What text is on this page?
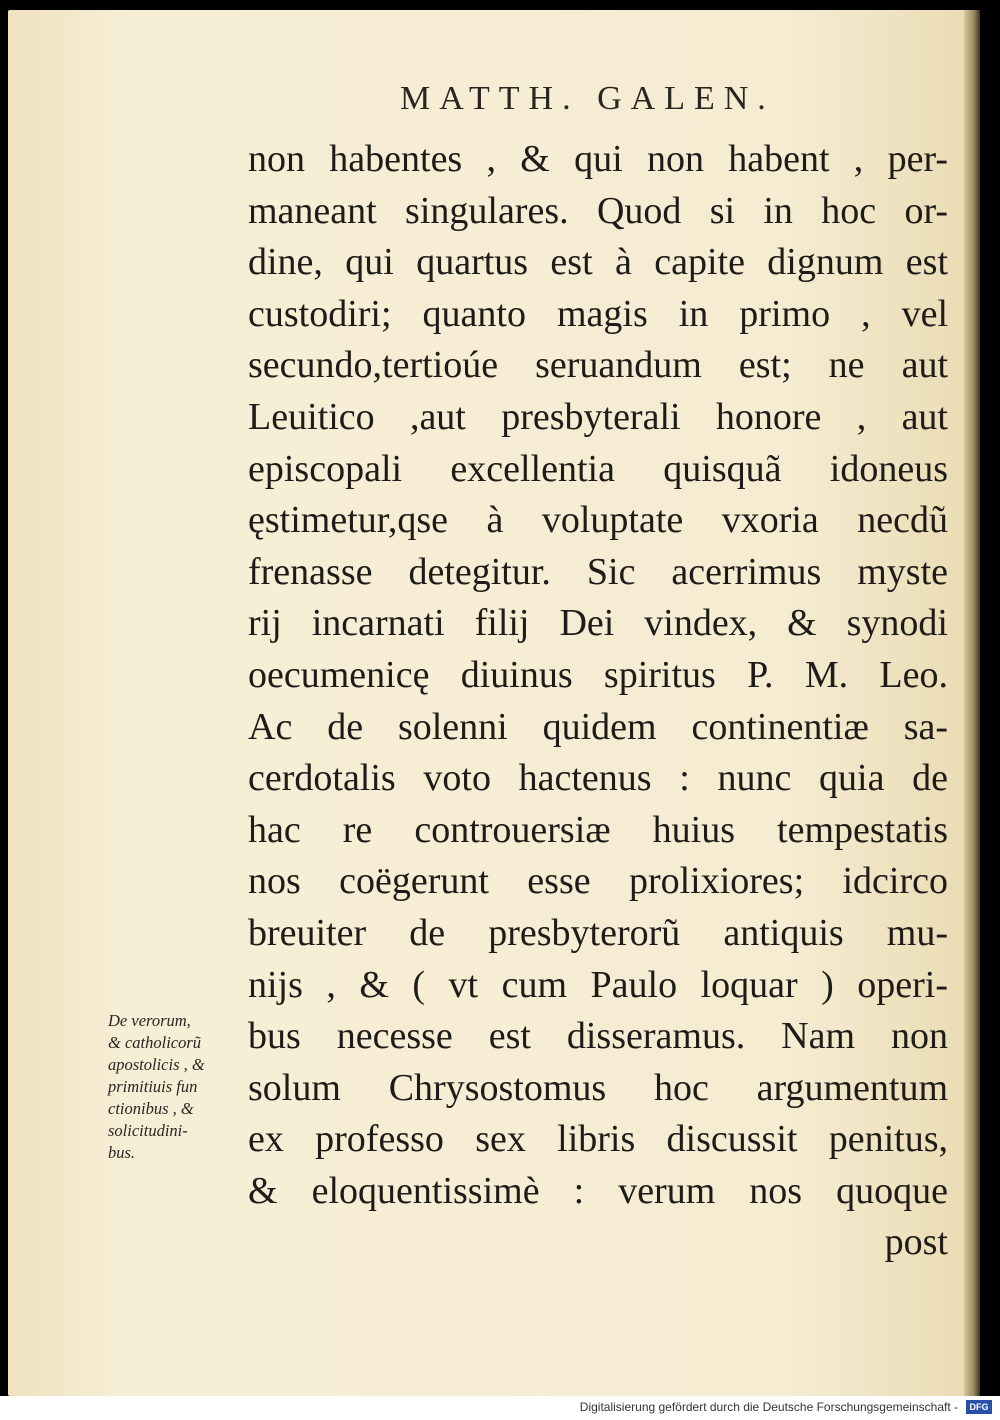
MATTH. GALEN.
non habentes , & qui non habent , per-
maneant singulares. Quod si in hoc or-
dine, qui quartus est à capite dignum est
custodiri; quanto magis in primo , vel
secundo,tertioúe seruandum est; ne aut
Leuitico ,aut presbyterali honore , aut
episcopali excellentia quisquã idoneus
ęstimetur,qse à voluptate vxoria necdũ
frenasse detegitur. Sic acerrimus myste
rij incarnati filij Dei vindex, & synodi
oecumenicę diuinus spiritus P. M. Leo.
Ac de solenni quidem continentiæ sa-
cerdotalis voto hactenus : nunc quia de
hac re controuersiæ huius tempestatis
nos coëgerunt esse prolixiores; idcirco
breuiter de presbyterorũ antiquis mu-
nijs , & ( vt cum Paulo loquar ) operi-
bus necesse est disseramus. Nam non
solum Chrysostomus hoc argumentum
ex professo sex libris discussit penitus,
& eloquentissimè : verum nos quoque
post
De verorum,
& catholicorũ
apostolicis , &
primitiuis fun
ctionibus , &
solicitudini-
bus.
Digitalisierung gefördert durch die Deutsche Forschungsgemeinschaft -	DFG
